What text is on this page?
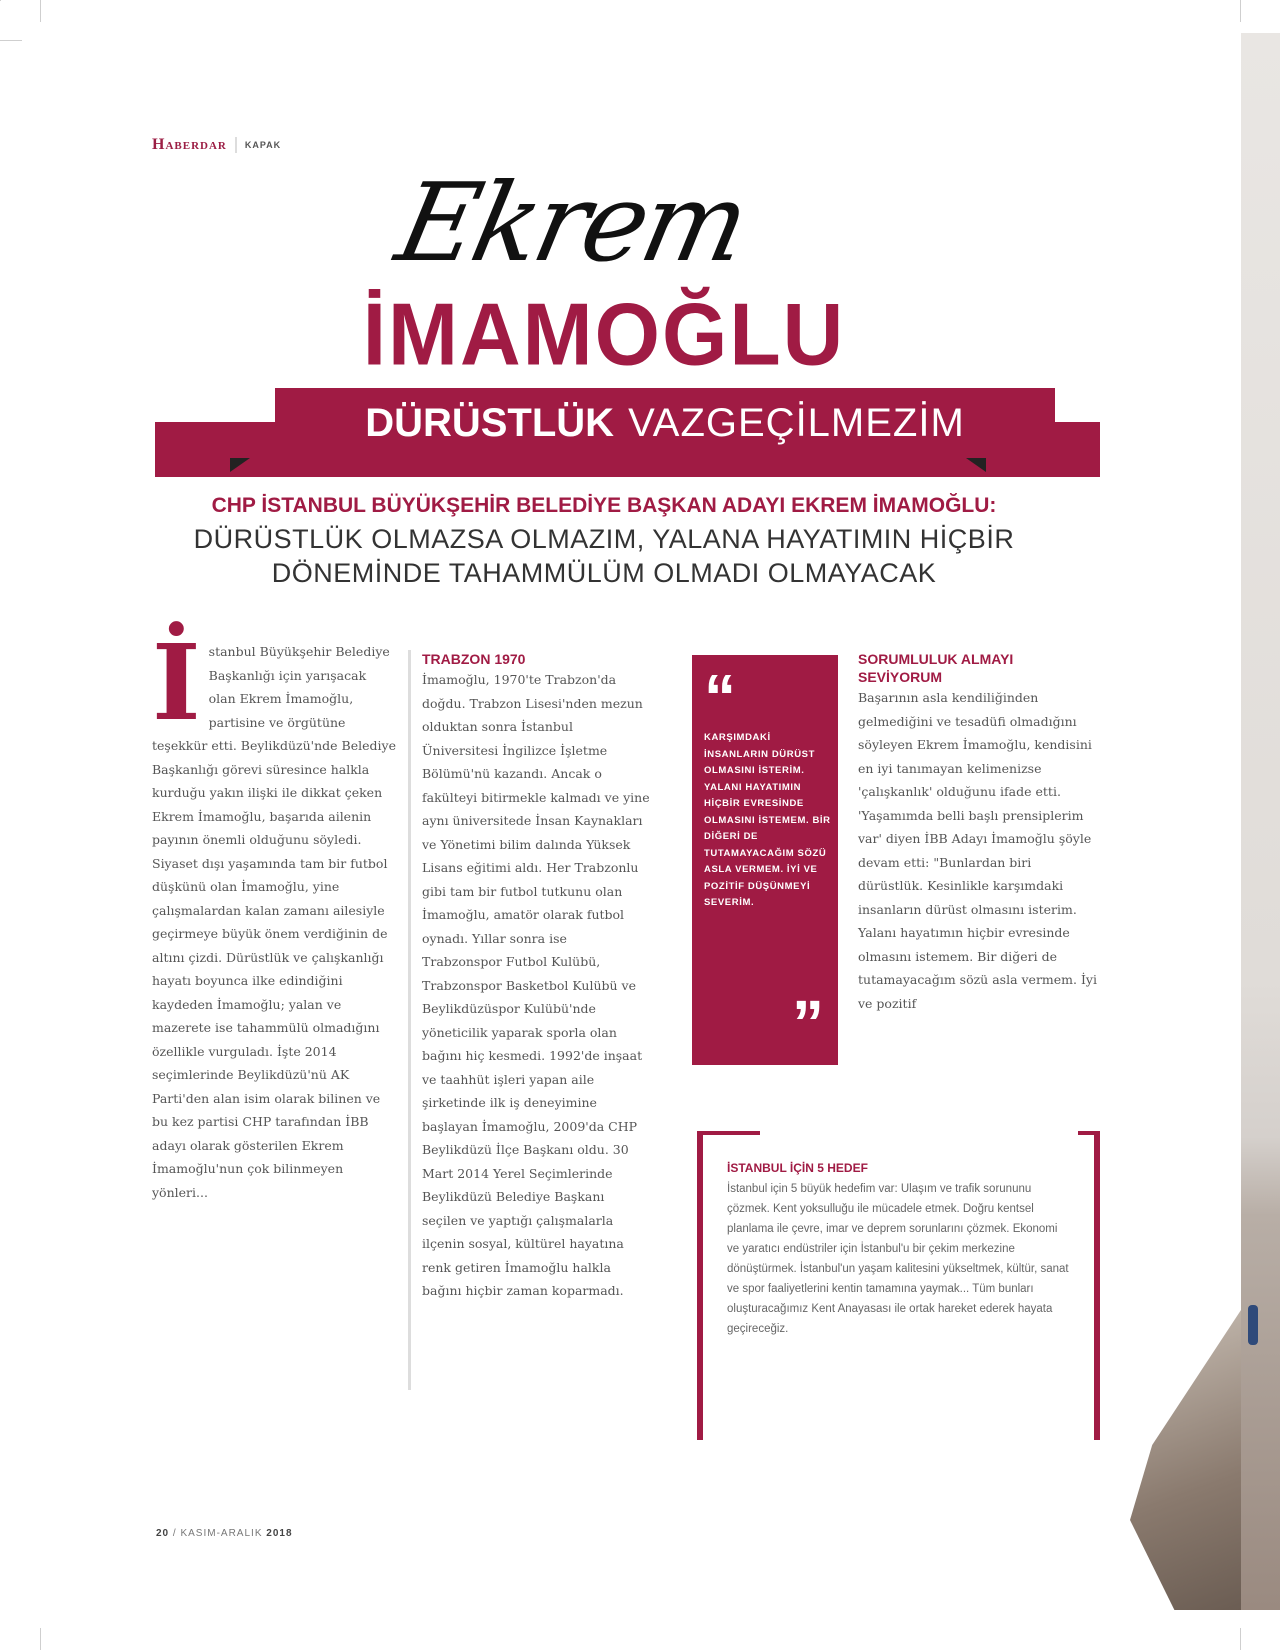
Haberdar KAPAK
Ekrem
İMAMOĞLU
DÜRÜSTLÜK VAZGEÇİLMEZİM
CHP İSTANBUL BÜYÜKŞEHİR BELEDİYE BAŞKAN ADAYI EKREM İMAMOĞLU:
DÜRÜSTLÜK OLMAZSA OLMAZIM, YALANA HAYATIMIN HİÇBİR DÖNEMİNDE TAHAMMÜLÜM OLMADI OLMAYACAK
İ stanbul Büyükşehir Belediye Başkanlığı için yarışacak olan Ekrem İmamoğlu, partisine ve örgütüne teşekkür etti. Beylikdüzü'nde Belediye Başkanlığı görevi süresince halkla kurduğu yakın ilişki ile dikkat çeken Ekrem İmamoğlu, başarıda ailenin payının önemli olduğunu söyledi. Siyaset dışı yaşamında tam bir futbol düşkünü olan İmamoğlu, yine çalışmalardan kalan zamanı ailesiyle geçirmeye büyük önem verdiğinin de altını çizdi. Dürüstlük ve çalışkanlığı hayatı boyunca ilke edindiğini kaydeden İmamoğlu; yalan ve mazerete ise tahammülü olmadığını özellikle vurguladı. İşte 2014 seçimlerinde Beylikdüzü'nü AK Parti'den alan isim olarak bilinen ve bu kez partisi CHP tarafından İBB adayı olarak gösterilen Ekrem İmamoğlu'nun çok bilinmeyen yönleri...
TRABZON 1970
İmamoğlu, 1970'te Trabzon'da doğdu. Trabzon Lisesi'nden mezun olduktan sonra İstanbul Üniversitesi İngilizce İşletme Bölümü'nü kazandı. Ancak o fakülteyi bitirmekle kalmadı ve yine aynı üniversitede İnsan Kaynakları ve Yönetimi bilim dalında Yüksek Lisans eğitimi aldı. Her Trabzonlu gibi tam bir futbol tutkunu olan İmamoğlu, amatör olarak futbol oynadı. Yıllar sonra ise Trabzonspor Futbol Kulübü, Trabzonspor Basketbol Kulübü ve Beylikdüzüspor Kulübü'nde yöneticilik yaparak sporla olan bağını hiç kesmedi. 1992'de inşaat ve taahhüt işleri yapan aile şirketinde ilk iş deneyimine başlayan İmamoğlu, 2009'da CHP Beylikdüzü İlçe Başkanı oldu. 30 Mart 2014 Yerel Seçimlerinde Beylikdüzü Belediye Başkanı seçilen ve yaptığı çalışmalarla ilçenin sosyal, kültürel hayatına renk getiren İmamoğlu halkla bağını hiçbir zaman koparmadı.
“
KARŞIMDAKİ İNSANLARIN DÜRÜST OLMASINI İSTERİM. YALANI HAYATIMIN HİÇBİR EVRESİNDE OLMASINI İSTEMEM. BİR DİĞERİ DE TUTAMAYACAĞIM SÖZÜ ASLA VERMEM. İYİ VE POZİTİF DÜŞÜNMEYİ SEVERİM.
”
SORUMLULUK ALMAYI SEVİYORUM
Başarının asla kendiliğinden gelmediğini ve tesadüfi olmadığını söyleyen Ekrem İmamoğlu, kendisini en iyi tanımayan kelimenizse 'çalışkanlık' olduğunu ifade etti. 'Yaşamımda belli başlı prensiplerim var' diyen İBB Adayı İmamoğlu şöyle devam etti: "Bunlardan biri dürüstlük. Kesinlikle karşımdaki insanların dürüst olmasını isterim. Yalanı hayatımın hiçbir evresinde olmasını istemem. Bir diğeri de tutamayacağım sözü asla vermem. İyi ve pozitif
İSTANBUL İÇİN 5 HEDEF
İstanbul için 5 büyük hedefim var: Ulaşım ve trafik sorununu çözmek. Kent yoksulluğu ile mücadele etmek. Doğru kentsel planlama ile çevre, imar ve deprem sorunlarını çözmek. Ekonomi ve yaratıcı endüstriler için İstanbul'u bir çekim merkezine dönüştürmek. İstanbul'un yaşam kalitesini yükseltmek, kültür, sanat ve spor faaliyetlerini kentin tamamına yaymak... Tüm bunları oluşturacağımız Kent Anayasası ile ortak hareket ederek hayata geçireceğiz.
20 / KASIM-ARALIK 2018
